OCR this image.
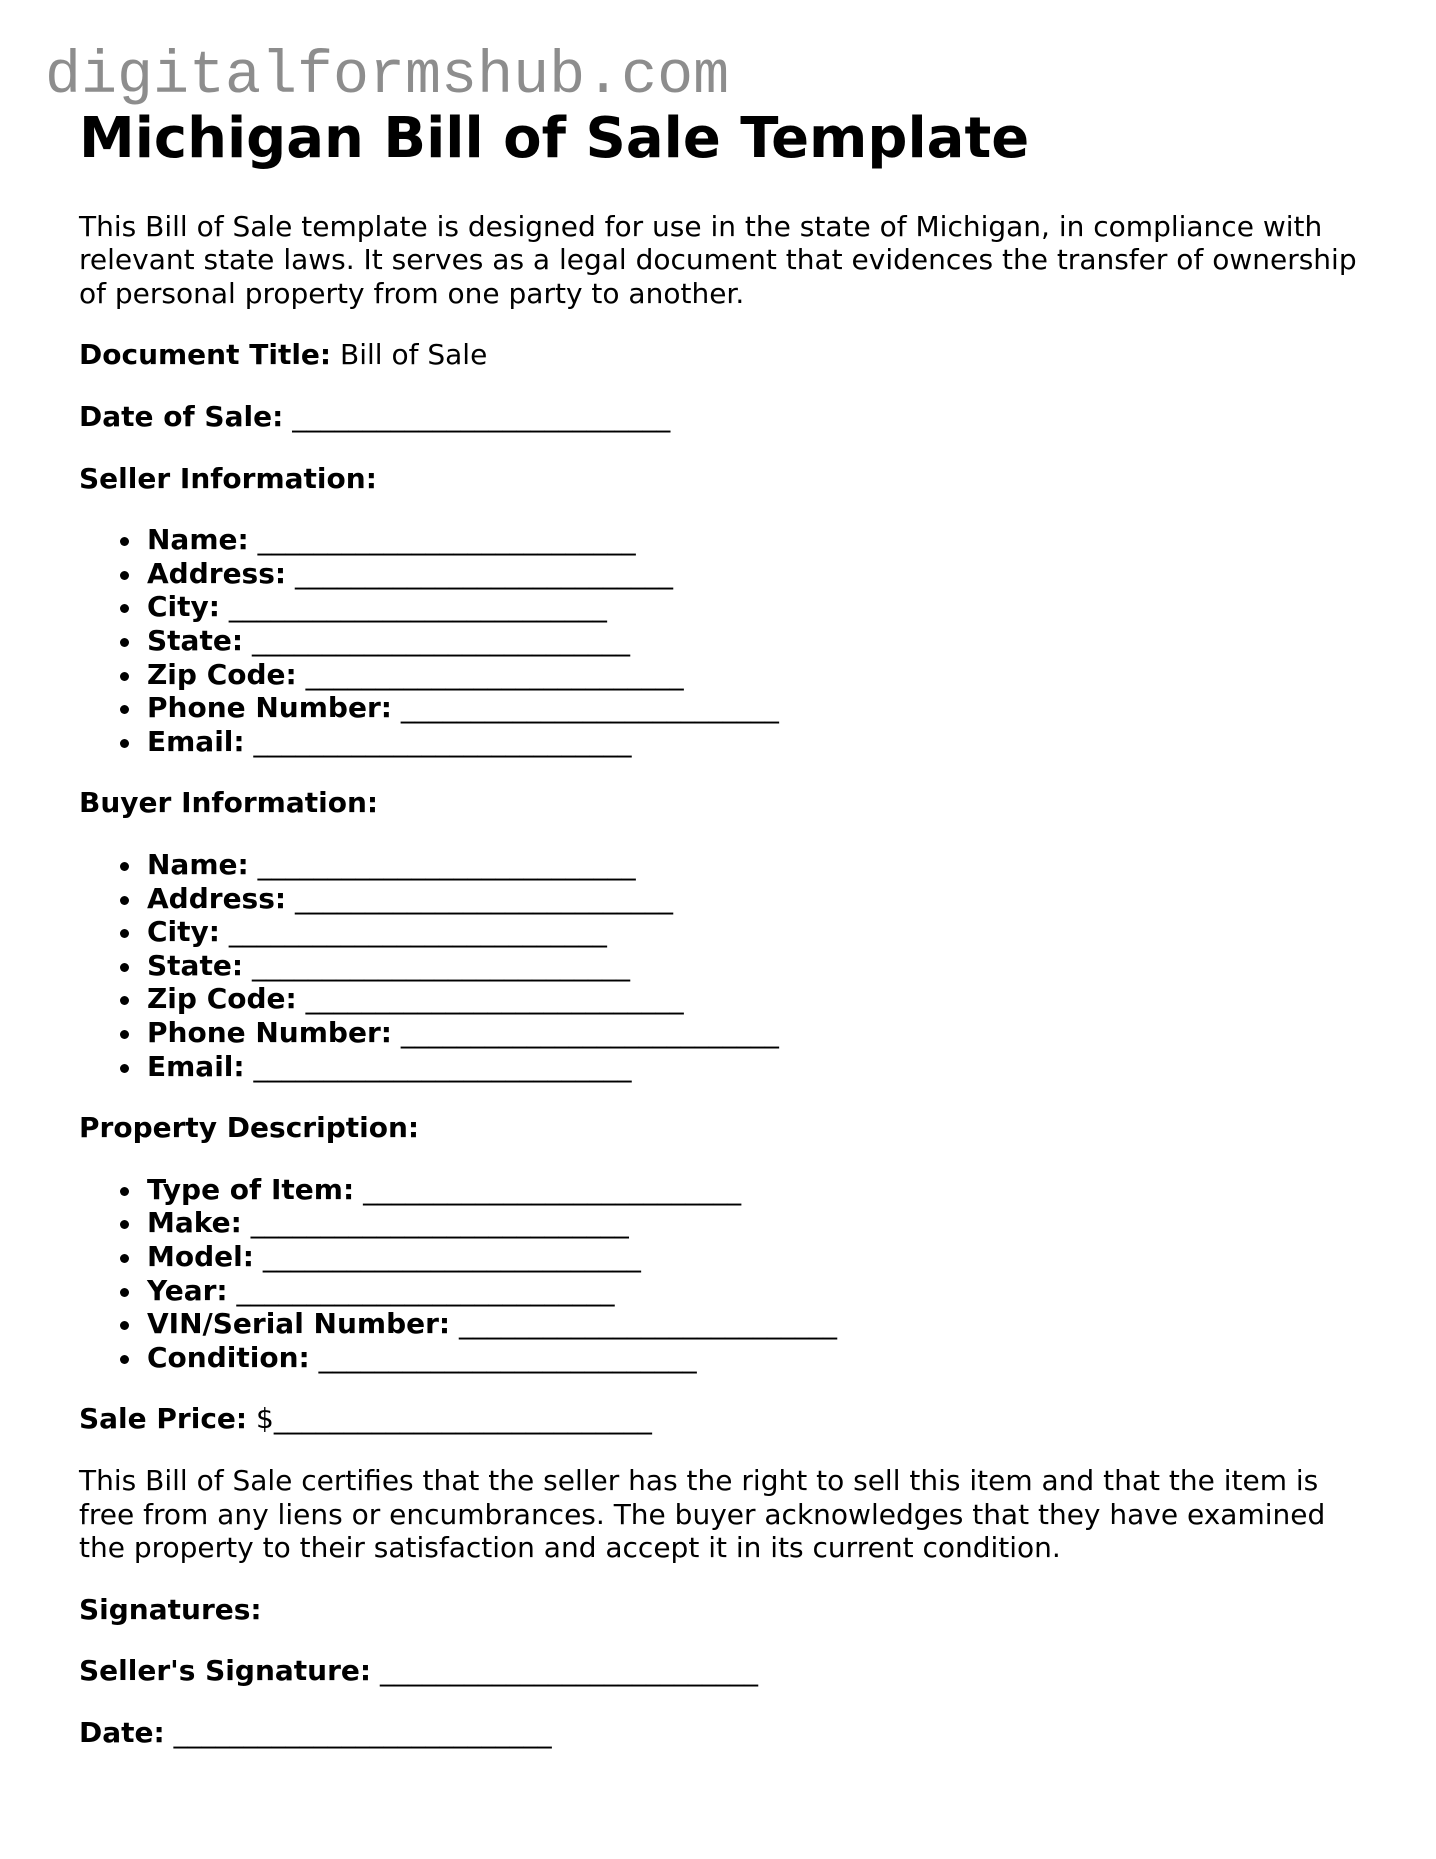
digitalformshub.com
Michigan Bill of Sale Template

This Bill of Sale template is designed for use in the state of Michigan, in compliance with
relevant state laws. It serves as a legal document that evidences the transfer of ownership
of personal property from one party to another.

Document Title: Bill of Sale

Date of Sale: ___________________________

Seller Information:

Name: ___________________________
Address: ___________________________
City: ___________________________
State: ___________________________
Zip Code: ___________________________
Phone Number: ___________________________
Email: ___________________________

Buyer Information:

Name: ___________________________
Address: ___________________________
City: ___________________________
State: ___________________________
Zip Code: ___________________________
Phone Number: ___________________________
Email: ___________________________

Property Description:

Type of Item: ___________________________
Make: ___________________________
Model: ___________________________
Year: ___________________________
VIN/Serial Number: ___________________________
Condition: ___________________________

Sale Price: $___________________________

This Bill of Sale certifies that the seller has the right to sell this item and that the item is
free from any liens or encumbrances. The buyer acknowledges that they have examined
the property to their satisfaction and accept it in its current condition.

Signatures:

Seller's Signature: ___________________________

Date: ___________________________
